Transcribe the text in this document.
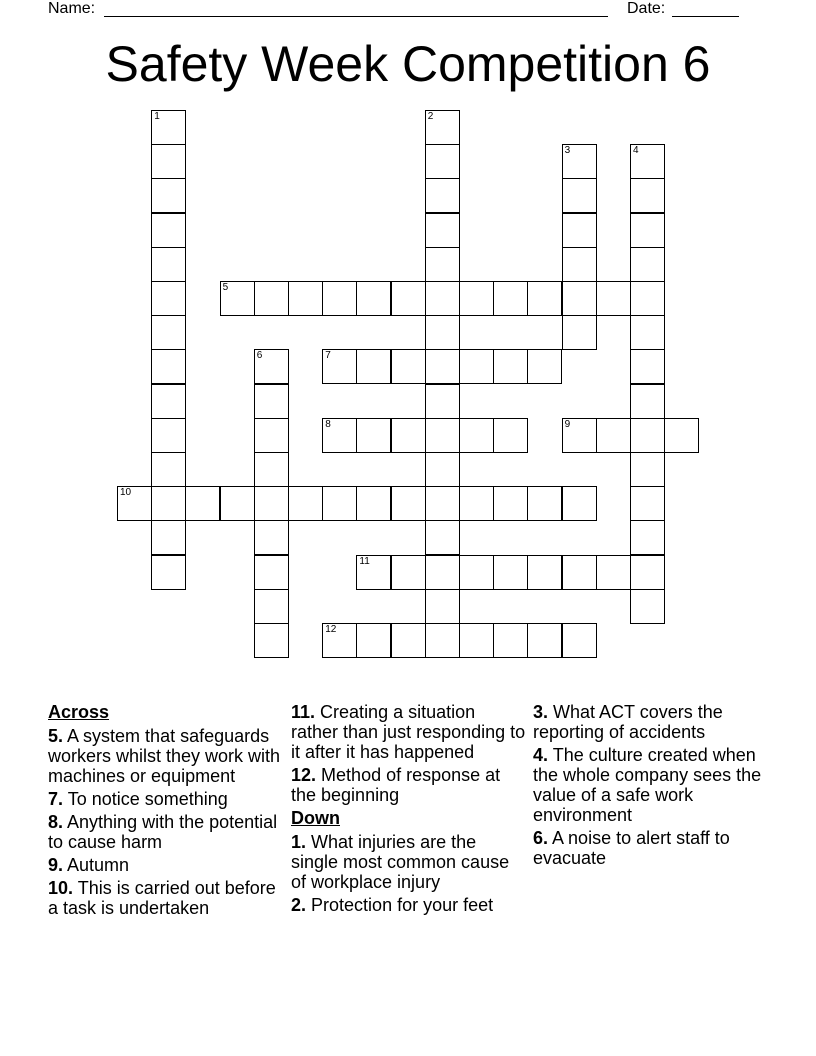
Name:	Date:
Safety Week Competition 6
1	2
3	4
5
6	7
8	9
10
11
12
Across
5. A system that safeguards workers whilst they work with machines or equipment
7. To notice something
8. Anything with the potential to cause harm
9. Autumn
10. This is carried out before a task is undertaken
11. Creating a situation rather than just responding to it after it has happened
12. Method of response at the beginning
Down
1. What injuries are the single most common cause of workplace injury
2. Protection for your feet
3. What ACT covers the reporting of accidents
4. The culture created when the whole company sees the value of a safe work environment
6. A noise to alert staff to evacuate
